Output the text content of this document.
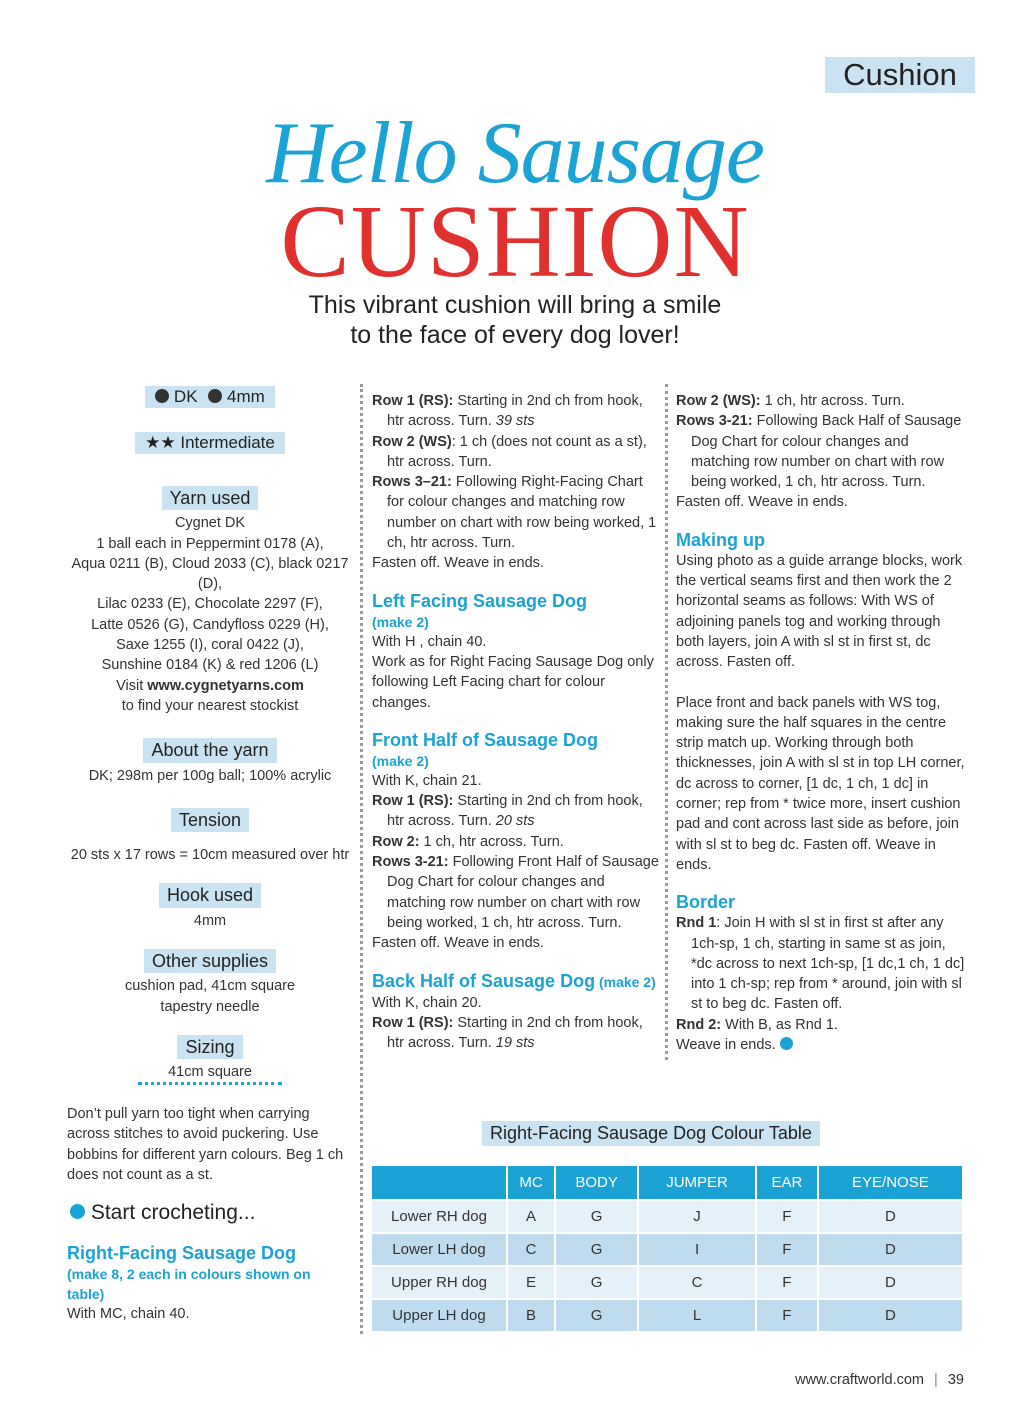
Cushion
Hello Sausage
CUSHION
This vibrant cushion will bring a smile
to the face of every dog lover!
DK 4mm
★★ Intermediate
Yarn used
Cygnet DK
1 ball each in Peppermint 0178 (A),
Aqua 0211 (B), Cloud 2033 (C), black 0217 (D),
Lilac 0233 (E), Chocolate 2297 (F),
Latte 0526 (G), Candyfloss 0229 (H),
Saxe 1255 (I), coral 0422 (J),
Sunshine 0184 (K) & red 1206 (L)
Visit www.cygnetyarns.com
to find your nearest stockist
About the yarn
DK; 298m per 100g ball; 100% acrylic
Tension
20 sts x 17 rows = 10cm measured over htr
Hook used
4mm
Other supplies
cushion pad, 41cm square
tapestry needle
Sizing
41cm square

Don’t pull yarn too tight when carrying across stitches to avoid puckering. Use bobbins for different yarn colours. Beg 1 ch does not count as a st.

Start crocheting...

Right-Facing Sausage Dog

(make 8, 2 each in colours shown on table)

With MC, chain 40.

Row 1 (RS): Starting in 2nd ch from hook, htr across. Turn. 39 sts

Row 2 (WS): 1 ch (does not count as a st), htr across. Turn.

Rows 3–21: Following Right-Facing Chart for colour changes and matching row number on chart with row being worked, 1 ch, htr across. Turn.

Fasten off. Weave in ends.

Left Facing Sausage Dog

(make 2)

With H , chain 40.

Work as for Right Facing Sausage Dog only following Left Facing chart for colour changes.

Front Half of Sausage Dog

(make 2)

With K, chain 21.

Row 1 (RS): Starting in 2nd ch from hook, htr across. Turn. 20 sts

Row 2: 1 ch, htr across. Turn.

Rows 3-21: Following Front Half of Sausage Dog Chart for colour changes and matching row number on chart with row being worked, 1 ch, htr across. Turn.

Fasten off. Weave in ends.

Back Half of Sausage Dog (make 2)

With K, chain 20.

Row 1 (RS): Starting in 2nd ch from hook, htr across. Turn. 19 sts

Row 2 (WS): 1 ch, htr across. Turn.

Rows 3-21: Following Back Half of Sausage Dog Chart for colour changes and matching row number on chart with row being worked, 1 ch, htr across. Turn.

Fasten off. Weave in ends.

Making up

Using photo as a guide arrange blocks, work the vertical seams first and then work the 2 horizontal seams as follows: With WS of adjoining panels tog and working through both layers, join A with sl st in first st, dc across. Fasten off.

Place front and back panels with WS tog, making sure the half squares in the centre strip match up. Working through both thicknesses, join A with sl st in top LH corner, dc across to corner, [1 dc, 1 ch, 1 dc] in corner; rep from * twice more, insert cushion pad and cont across last side as before, join with sl st to beg dc. Fasten off. Weave in ends.

Border

Rnd 1: Join H with sl st in first st after any 1ch-sp, 1 ch, starting in same st as join, *dc across to next 1ch-sp, [1 dc,1 ch, 1 dc] into 1 ch-sp; rep from * around, join with sl st to beg dc. Fasten off.

Rnd 2: With B, as Rnd 1.

Weave in ends.

Right-Facing Sausage Dog Colour Table
	MC	BODY	JUMPER	EAR	EYE/NOSE
Lower RH dog	A	G	J	F	D
Lower LH dog	C	G	I	F	D
Upper RH dog	E	G	C	F	D
Upper LH dog	B	G	L	F	D
www.craftworld.com | 39
